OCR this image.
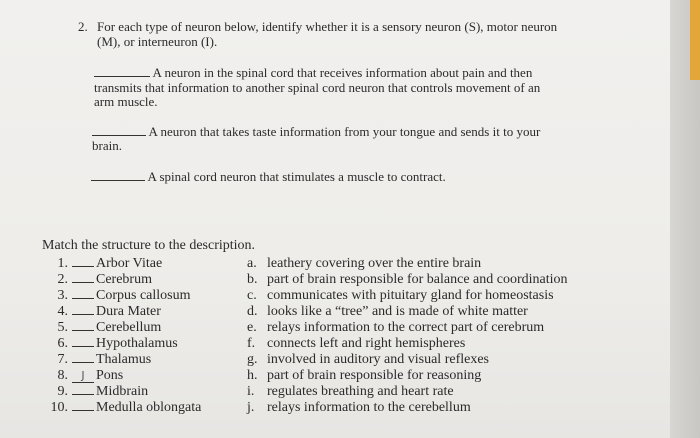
2. For each type of neuron below, identify whether it is a sensory neuron (S), motor neuron
(M), or interneuron (I).
A neuron in the spinal cord that receives information about pain and then
transmits that information to another spinal cord neuron that controls movement of an
arm muscle.
A neuron that takes taste information from your tongue and sends it to your
brain.
A spinal cord neuron that stimulates a muscle to contract.
Match the structure to the description.
1. Arbor Vitae
2. Cerebrum
3. Corpus callosum
4. Dura Mater
5. Cerebellum
6. Hypothalamus
7. Thalamus
8. J Pons
9. Midbrain
10. Medulla oblongata
a. leathery covering over the entire brain
b. part of brain responsible for balance and coordination
c. communicates with pituitary gland for homeostasis
d. looks like a “tree” and is made of white matter
e. relays information to the correct part of cerebrum
f. connects left and right hemispheres
g. involved in auditory and visual reflexes
h. part of brain responsible for reasoning
i. regulates breathing and heart rate
j. relays information to the cerebellum
